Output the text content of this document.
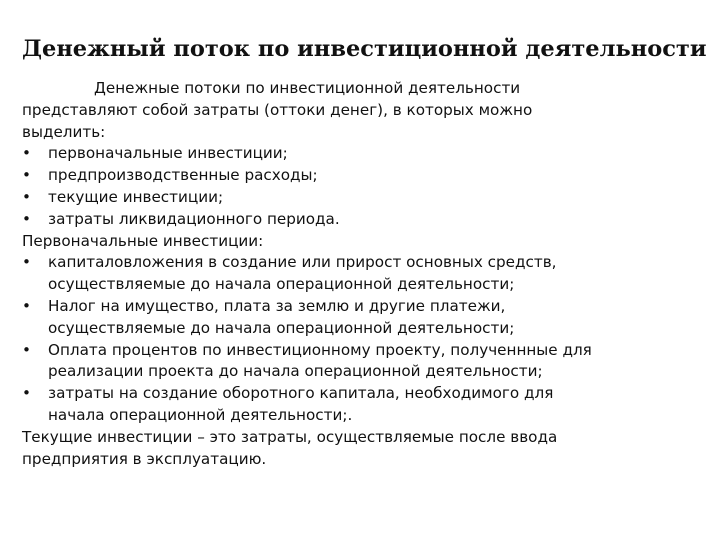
Денежный поток по инвестиционной деятельности
Денежные потоки по инвестиционной деятельности
представляют собой затраты (оттоки денег), в которых можно
выделить:
• первоначальные инвестиции;
• предпроизводственные расходы;
• текущие инвестиции;
• затраты ликвидационного периода.
Первоначальные инвестиции:
• капиталовложения в создание или прирост основных средств,
осуществляемые до начала операционной деятельности;
• Налог на имущество, плата за землю и другие платежи,
осуществляемые до начала операционной деятельности;
• Оплата процентов по инвестиционному проекту, полученнные для
реализации проекта до начала операционной деятельности;
• затраты на создание оборотного капитала, необходимого для
начала операционной деятельности;.
Текущие инвестиции – это затраты, осуществляемые после ввода
предприятия в эксплуатацию.
